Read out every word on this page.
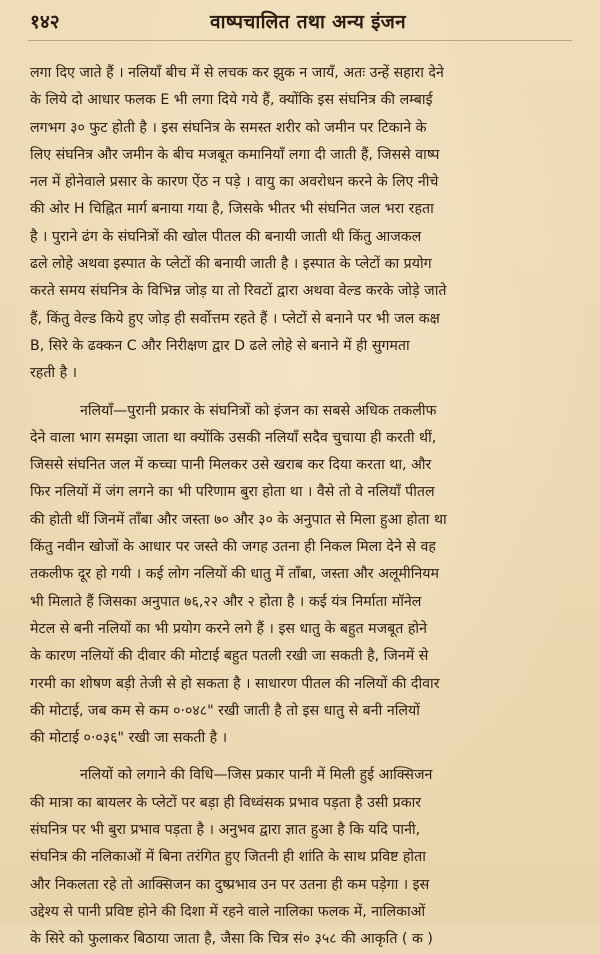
१४२	वाष्पचालित तथा अन्य इंजन
लगा दिए जाते हैं । नलियाँ बीच में से लचक कर झुक न जायँ, अतः उन्हें सहारा देने
के लिये दो आधार फलक E भी लगा दिये गये हैं, क्योंकि इस संघनित्र की लम्बाई
लगभग ३० फुट होती है । इस संघनित्र के समस्त शरीर को जमीन पर टिकाने के
लिए संघनित्र और जमीन के बीच मजबूत कमानियाँ लगा दी जाती हैं, जिससे वाष्प
नल में होनेवाले प्रसार के कारण ऐंठ न पड़े । वायु का अवरोधन करने के लिए नीचे
की ओर H चिह्नित मार्ग बनाया गया है, जिसके भीतर भी संघनित जल भरा रहता
है । पुराने ढंग के संघनित्रों की खोल पीतल की बनायी जाती थी किंतु आजकल
ढले लोहे अथवा इस्पात के प्लेटों की बनायी जाती है । इस्पात के प्लेटों का प्रयोग
करते समय संघनित्र के विभिन्न जोड़ या तो रिवटों द्वारा अथवा वेल्ड करके जोड़े जाते
हैं, किंतु वेल्ड किये हुए जोड़ ही सर्वोत्तम रहते हैं । प्लेटों से बनाने पर भी जल कक्ष
B, सिरे के ढक्कन C और निरीक्षण द्वार D ढले लोहे से बनाने में ही सुगमता
रहती है ।
नलियाँ—पुरानी प्रकार के संघनित्रों को इंजन का सबसे अधिक तकलीफ
देने वाला भाग समझा जाता था क्योंकि उसकी नलियाँ सदैव चुचाया ही करती थीं,
जिससे संघनित जल में कच्चा पानी मिलकर उसे खराब कर दिया करता था, और
फिर नलियों में जंग लगने का भी परिणाम बुरा होता था । वैसे तो वे नलियाँ पीतल
की होती थीं जिनमें ताँबा और जस्ता ७० और ३० के अनुपात से मिला हुआ होता था
किंतु नवीन खोजों के आधार पर जस्ते की जगह उतना ही निकल मिला देने से वह
तकलीफ दूर हो गयी । कई लोग नलियों की धातु में ताँबा, जस्ता और अलूमीनियम
भी मिलाते हैं जिसका अनुपात ७६,२२ और २ होता है । कई यंत्र निर्माता मॉनेल
मेटल से बनी नलियों का भी प्रयोग करने लगे हैं । इस धातु के बहुत मजबूत होने
के कारण नलियों की दीवार की मोटाई बहुत पतली रखी जा सकती है, जिनमें से
गरमी का शोषण बड़ी तेजी से हो सकता है । साधारण पीतल की नलियों की दीवार
की मोटाई, जब कम से कम ०·०४८" रखी जाती है तो इस धातु से बनी नलियों
की मोटाई ०·०३६" रखी जा सकती है ।
नलियों को लगाने की विधि—जिस प्रकार पानी में मिली हुई आक्सिजन
की मात्रा का बायलर के प्लेटों पर बड़ा ही विध्वंसक प्रभाव पड़ता है उसी प्रकार
संघनित्र पर भी बुरा प्रभाव पड़ता है । अनुभव द्वारा ज्ञात हुआ है कि यदि पानी,
संघनित्र की नलिकाओं में बिना तरंगित हुए जितनी ही शांति के साथ प्रविष्ट होता
और निकलता रहे तो आक्सिजन का दुष्प्रभाव उन पर उतना ही कम पड़ेगा । इस
उद्देश्य से पानी प्रविष्ट होने की दिशा में रहने वाले नालिका फलक में, नालिकाओं
के सिरे को फुलाकर बिठाया जाता है, जैसा कि चित्र सं० ३५८ की आकृति ( क )
